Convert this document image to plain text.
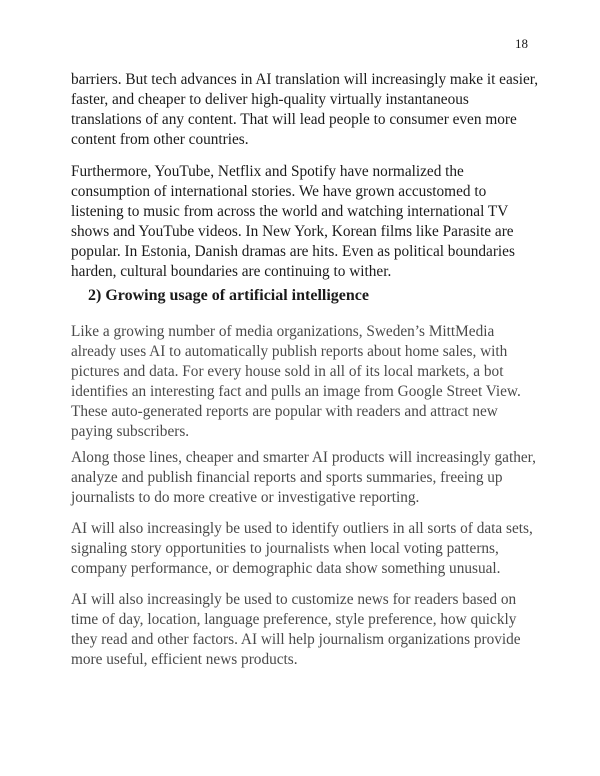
18

barriers. But tech advances in AI translation will increasingly make it easier, faster, and cheaper to deliver high-quality virtually instantaneous translations of any content. That will lead people to consumer even more content from other countries.

Furthermore, YouTube, Netflix and Spotify have normalized the consumption of international stories. We have grown accustomed to listening to music from across the world and watching international TV shows and YouTube videos. In New York, Korean films like Parasite are popular. In Estonia, Danish dramas are hits. Even as political boundaries harden, cultural boundaries are continuing to wither.

2) Growing usage of artificial intelligence

Like a growing number of media organizations, Sweden’s MittMedia already uses AI to automatically publish reports about home sales, with pictures and data. For every house sold in all of its local markets, a bot identifies an interesting fact and pulls an image from Google Street View. These auto-generated reports are popular with readers and attract new paying subscribers.

Along those lines, cheaper and smarter AI products will increasingly gather, analyze and publish financial reports and sports summaries, freeing up journalists to do more creative or investigative reporting.

AI will also increasingly be used to identify outliers in all sorts of data sets, signaling story opportunities to journalists when local voting patterns, company performance, or demographic data show something unusual.

AI will also increasingly be used to customize news for readers based on time of day, location, language preference, style preference, how quickly they read and other factors. AI will help journalism organizations provide more useful, efficient news products.
